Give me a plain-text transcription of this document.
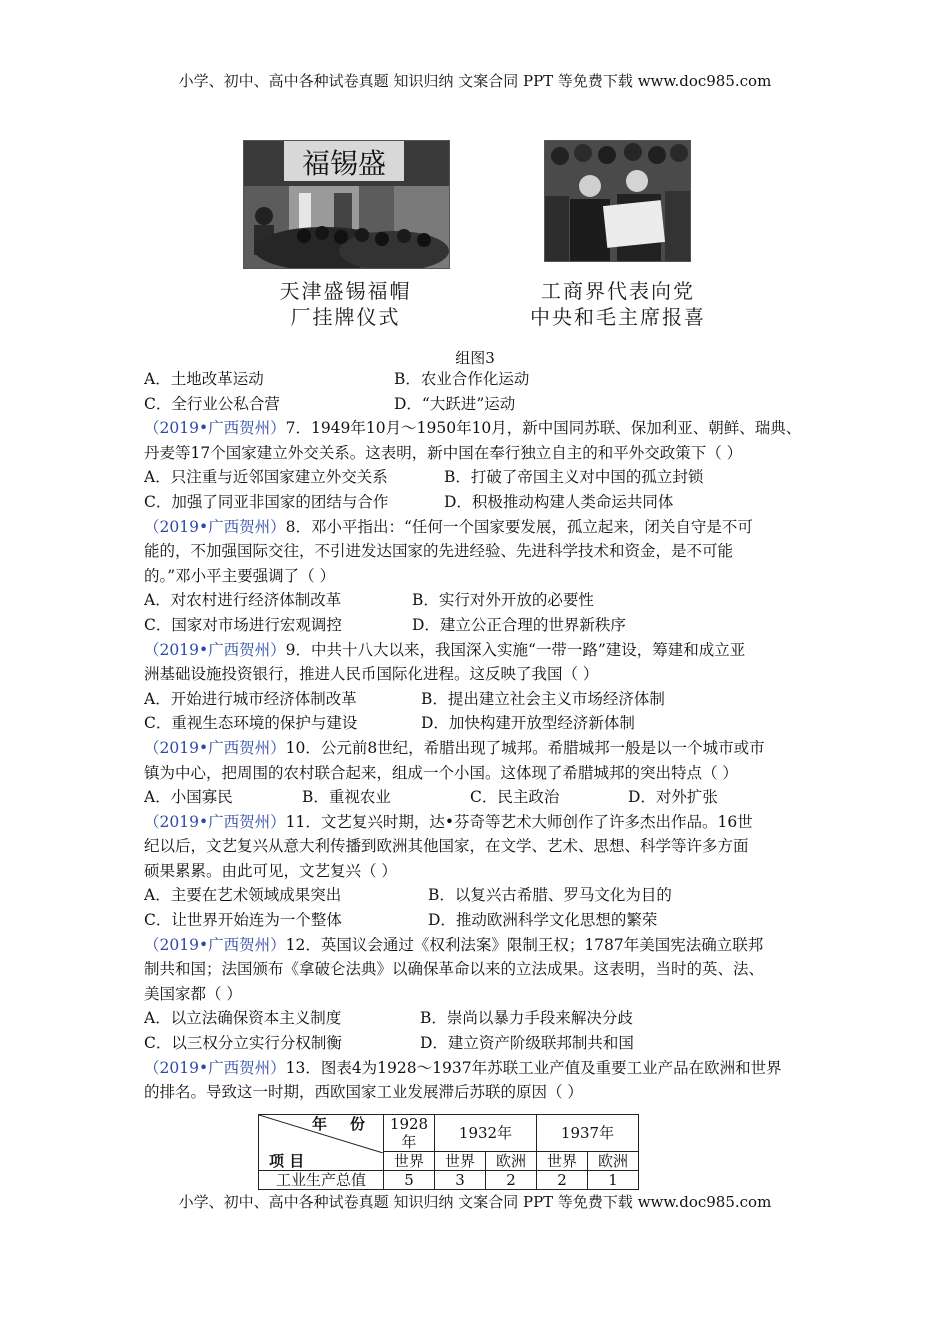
小学、初中、高中各种试卷真题 知识归纳 文案合同 PPT 等免费下载 www.doc985.com
福锡盛
天津盛锡福帽
厂挂牌仪式
工商界代表向党
中央和毛主席报喜
组图3
A．土地改革运动	B．农业合作化运动
C．全行业公私合营	D．“大跃进”运动
（2019•广西贺州）7．1949年10月～1950年10月，新中国同苏联、保加利亚、朝鲜、瑞典、
丹麦等17个国家建立外交关系。这表明，新中国在奉行独立自主的和平外交政策下（ ）
A．只注重与近邻国家建立外交关系	B．打破了帝国主义对中国的孤立封锁
C．加强了同亚非国家的团结与合作	D．积极推动构建人类命运共同体
（2019•广西贺州）8．邓小平指出：“任何一个国家要发展，孤立起来，闭关自守是不可
能的，不加强国际交往，不引进发达国家的先进经验、先进科学技术和资金，是不可能
的。”邓小平主要强调了（ ）
A．对农村进行经济体制改革	B．实行对外开放的必要性
C．国家对市场进行宏观调控	D．建立公正合理的世界新秩序
（2019•广西贺州）9．中共十八大以来，我国深入实施“一带一路”建设，筹建和成立亚
洲基础设施投资银行，推进人民币国际化进程。这反映了我国（ ）
A．开始进行城市经济体制改革	B．提出建立社会主义市场经济体制
C．重视生态环境的保护与建设	D．加快构建开放型经济新体制
（2019•广西贺州）10．公元前8世纪，希腊出现了城邦。希腊城邦一般是以一个城市或市
镇为中心，把周围的农村联合起来，组成一个小国。这体现了希腊城邦的突出特点（ ）
A．小国寡民	B．重视农业	C．民主政治	D．对外扩张
（2019•广西贺州）11．文艺复兴时期，达•芬奇等艺术大师创作了许多杰出作品。16世
纪以后，文艺复兴从意大利传播到欧洲其他国家，在文学、艺术、思想、科学等许多方面
硕果累累。由此可见，文艺复兴（ ）
A．主要在艺术领域成果突出	B．以复兴古希腊、罗马文化为目的
C．让世界开始连为一个整体	D．推动欧洲科学文化思想的繁荣
（2019•广西贺州）12．英国议会通过《权利法案》限制王权；1787年美国宪法确立联邦
制共和国；法国颁布《拿破仑法典》以确保革命以来的立法成果。这表明，当时的英、法、
美国家都（ ）
A．以立法确保资本主义制度	B．崇尚以暴力手段来解决分歧
C．以三权分立实行分权制衡	D．建立资产阶级联邦制共和国
（2019•广西贺州）13．图表4为1928～1937年苏联工业产值及重要工业产品在欧洲和世界
的排名。导致这一时期，西欧国家工业发展滞后苏联的原因（ ）
年　份
项 目	1928年	1932年		1937年	
	世界	世界	欧洲	世界	欧洲
工业生产总值	5	3	2	2	1
小学、初中、高中各种试卷真题 知识归纳 文案合同 PPT 等免费下载 www.doc985.com
